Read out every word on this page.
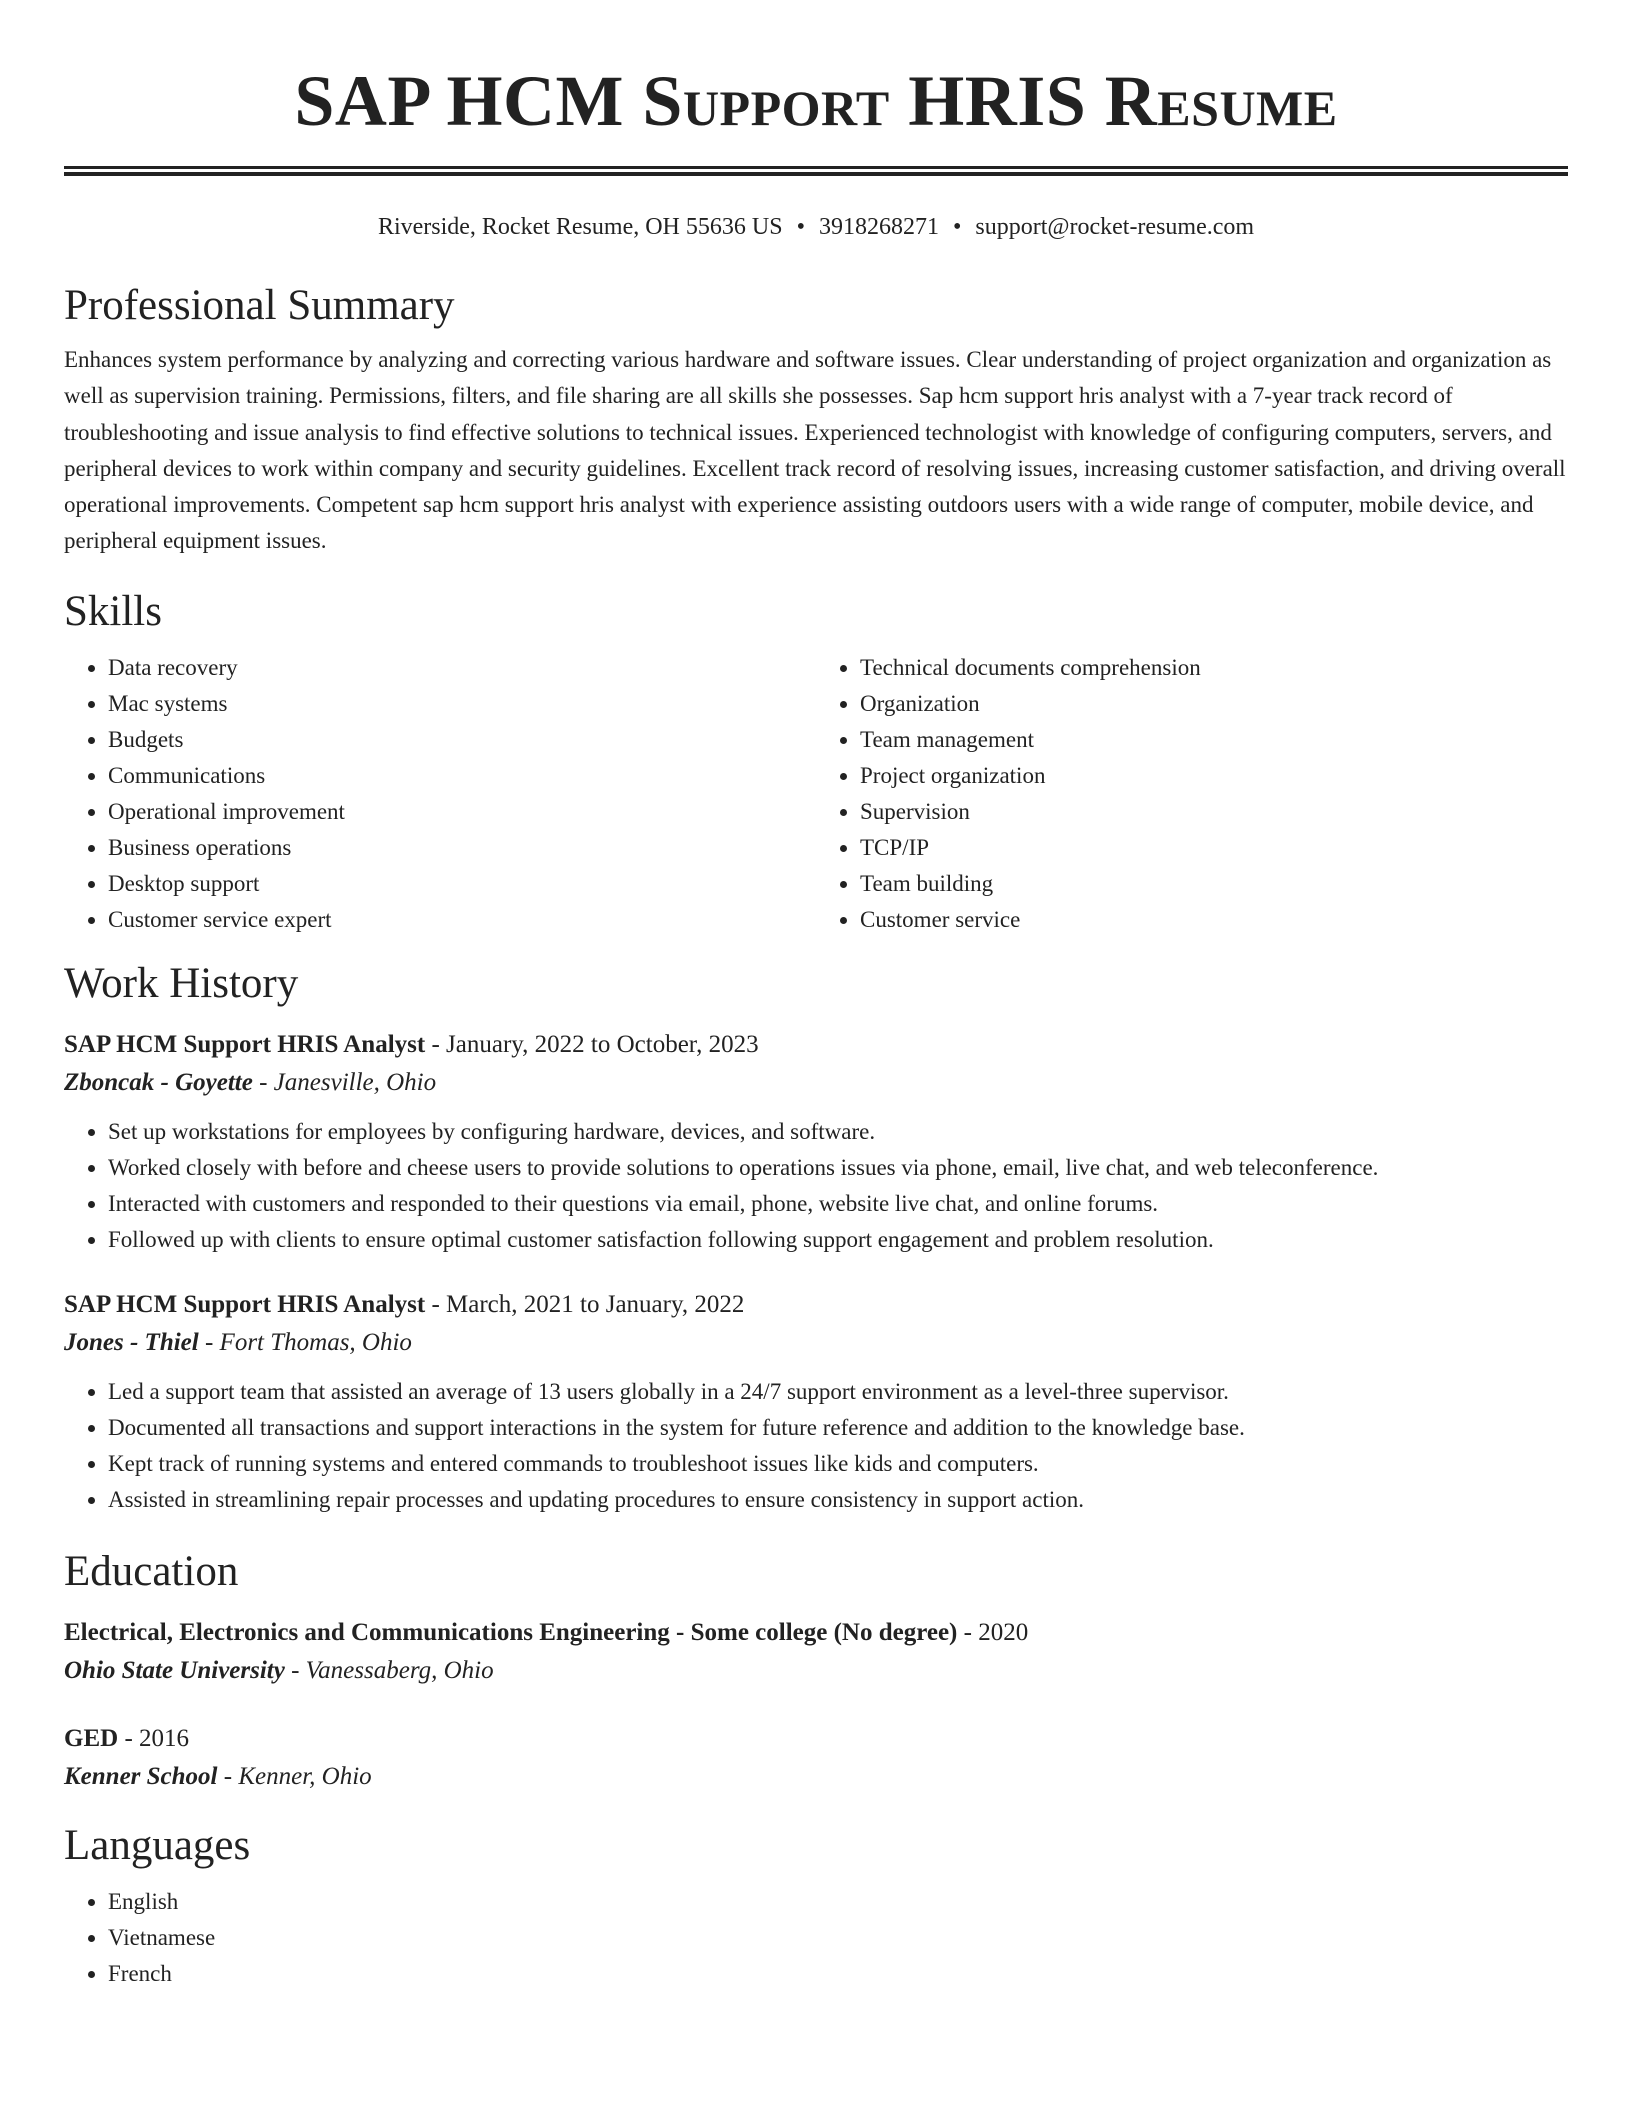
SAP HCM Support HRIS Resume
Riverside, Rocket Resume, OH 55636 US • 3918268271 • support@rocket-resume.com
Professional Summary

Enhances system performance by analyzing and correcting various hardware and software issues. Clear understanding of project organization and organization as well as supervision training. Permissions, filters, and file sharing are all skills she possesses. Sap hcm support hris analyst with a 7-year track record of troubleshooting and issue analysis to find effective solutions to technical issues. Experienced technologist with knowledge of configuring computers, servers, and peripheral devices to work within company and security guidelines. Excellent track record of resolving issues, increasing customer satisfaction, and driving overall operational improvements. Competent sap hcm support hris analyst with experience assisting outdoors users with a wide range of computer, mobile device, and peripheral equipment issues.

Skills
• Data recovery
• Mac systems
• Budgets
• Communications
• Operational improvement
• Business operations
• Desktop support
• Customer service expert
• Technical documents comprehension
• Organization
• Team management
• Project organization
• Supervision
• TCP/IP
• Team building
• Customer service
Work History
SAP HCM Support HRIS Analyst - January, 2022 to October, 2023
Zboncak - Goyette - Janesville, Ohio
• Set up workstations for employees by configuring hardware, devices, and software.
• Worked closely with before and cheese users to provide solutions to operations issues via phone, email, live chat, and web teleconference.
• Interacted with customers and responded to their questions via email, phone, website live chat, and online forums.
• Followed up with clients to ensure optimal customer satisfaction following support engagement and problem resolution.
SAP HCM Support HRIS Analyst - March, 2021 to January, 2022
Jones - Thiel - Fort Thomas, Ohio
• Led a support team that assisted an average of 13 users globally in a 24/7 support environment as a level-three supervisor.
• Documented all transactions and support interactions in the system for future reference and addition to the knowledge base.
• Kept track of running systems and entered commands to troubleshoot issues like kids and computers.
• Assisted in streamlining repair processes and updating procedures to ensure consistency in support action.
Education
Electrical, Electronics and Communications Engineering - Some college (No degree) - 2020
Ohio State University - Vanessaberg, Ohio
GED - 2016
Kenner School - Kenner, Ohio
Languages
• English
• Vietnamese
• French
